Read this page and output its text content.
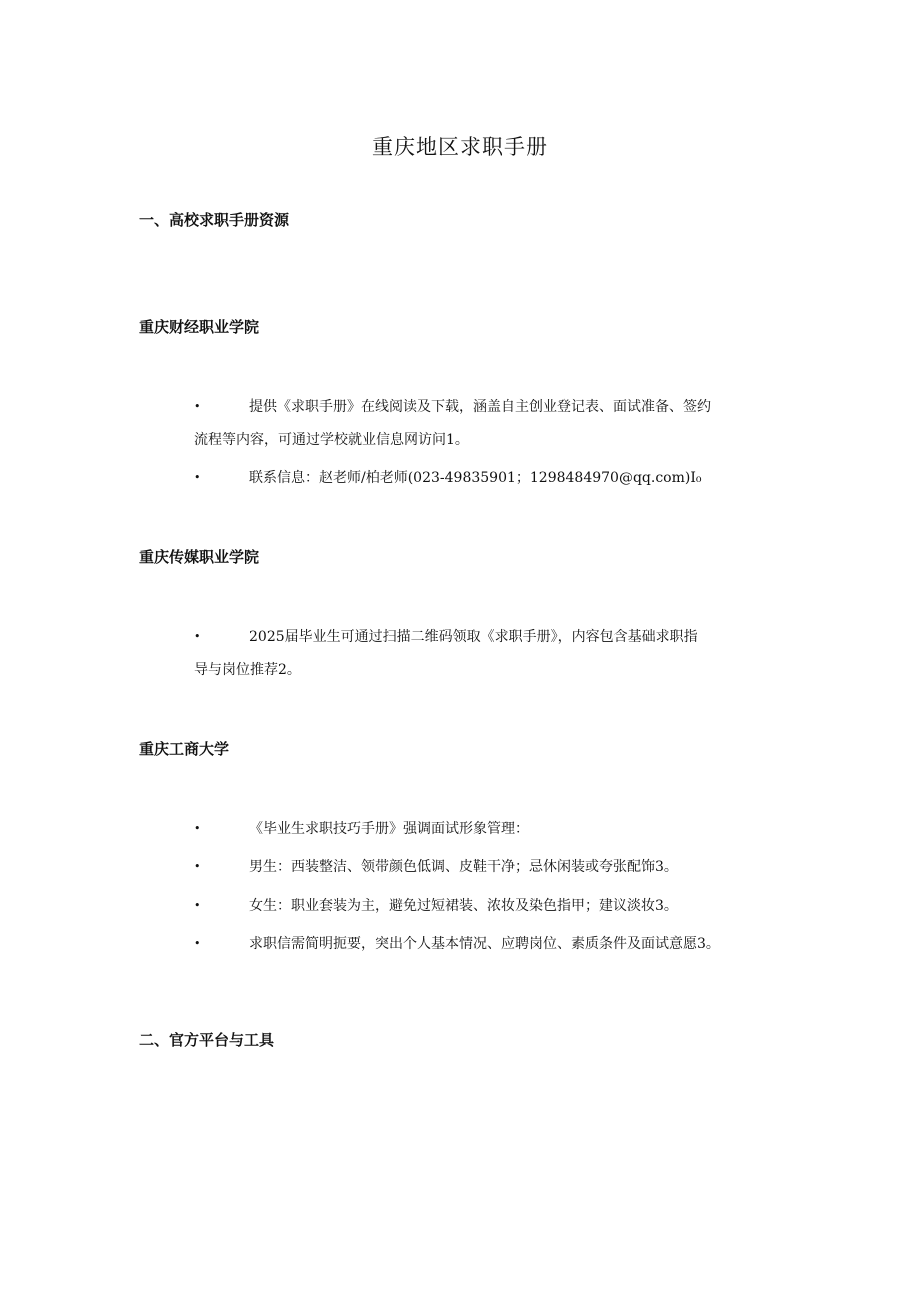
重庆地区求职手册
一、高校求职手册资源
重庆财经职业学院
•	提供《求职手册》在线阅读及下载，涵盖自主创业登记表、面试准备、签约
流程等内容，可通过学校就业信息网访问1。
•	联系信息：赵老师/柏老师(023-49835901；1298484970@qq.com)I₀
重庆传媒职业学院
•	2025届毕业生可通过扫描二维码领取《求职手册》，内容包含基础求职指
导与岗位推荐2。
重庆工商大学
•	《毕业生求职技巧手册》强调面试形象管理：
•	男生：西装整洁、领带颜色低调、皮鞋干净；忌休闲装或夸张配饰3。
•	女生：职业套装为主，避免过短裙装、浓妆及染色指甲；建议淡妆3。
•	求职信需简明扼要，突出个人基本情况、应聘岗位、素质条件及面试意愿3。
二、官方平台与工具
